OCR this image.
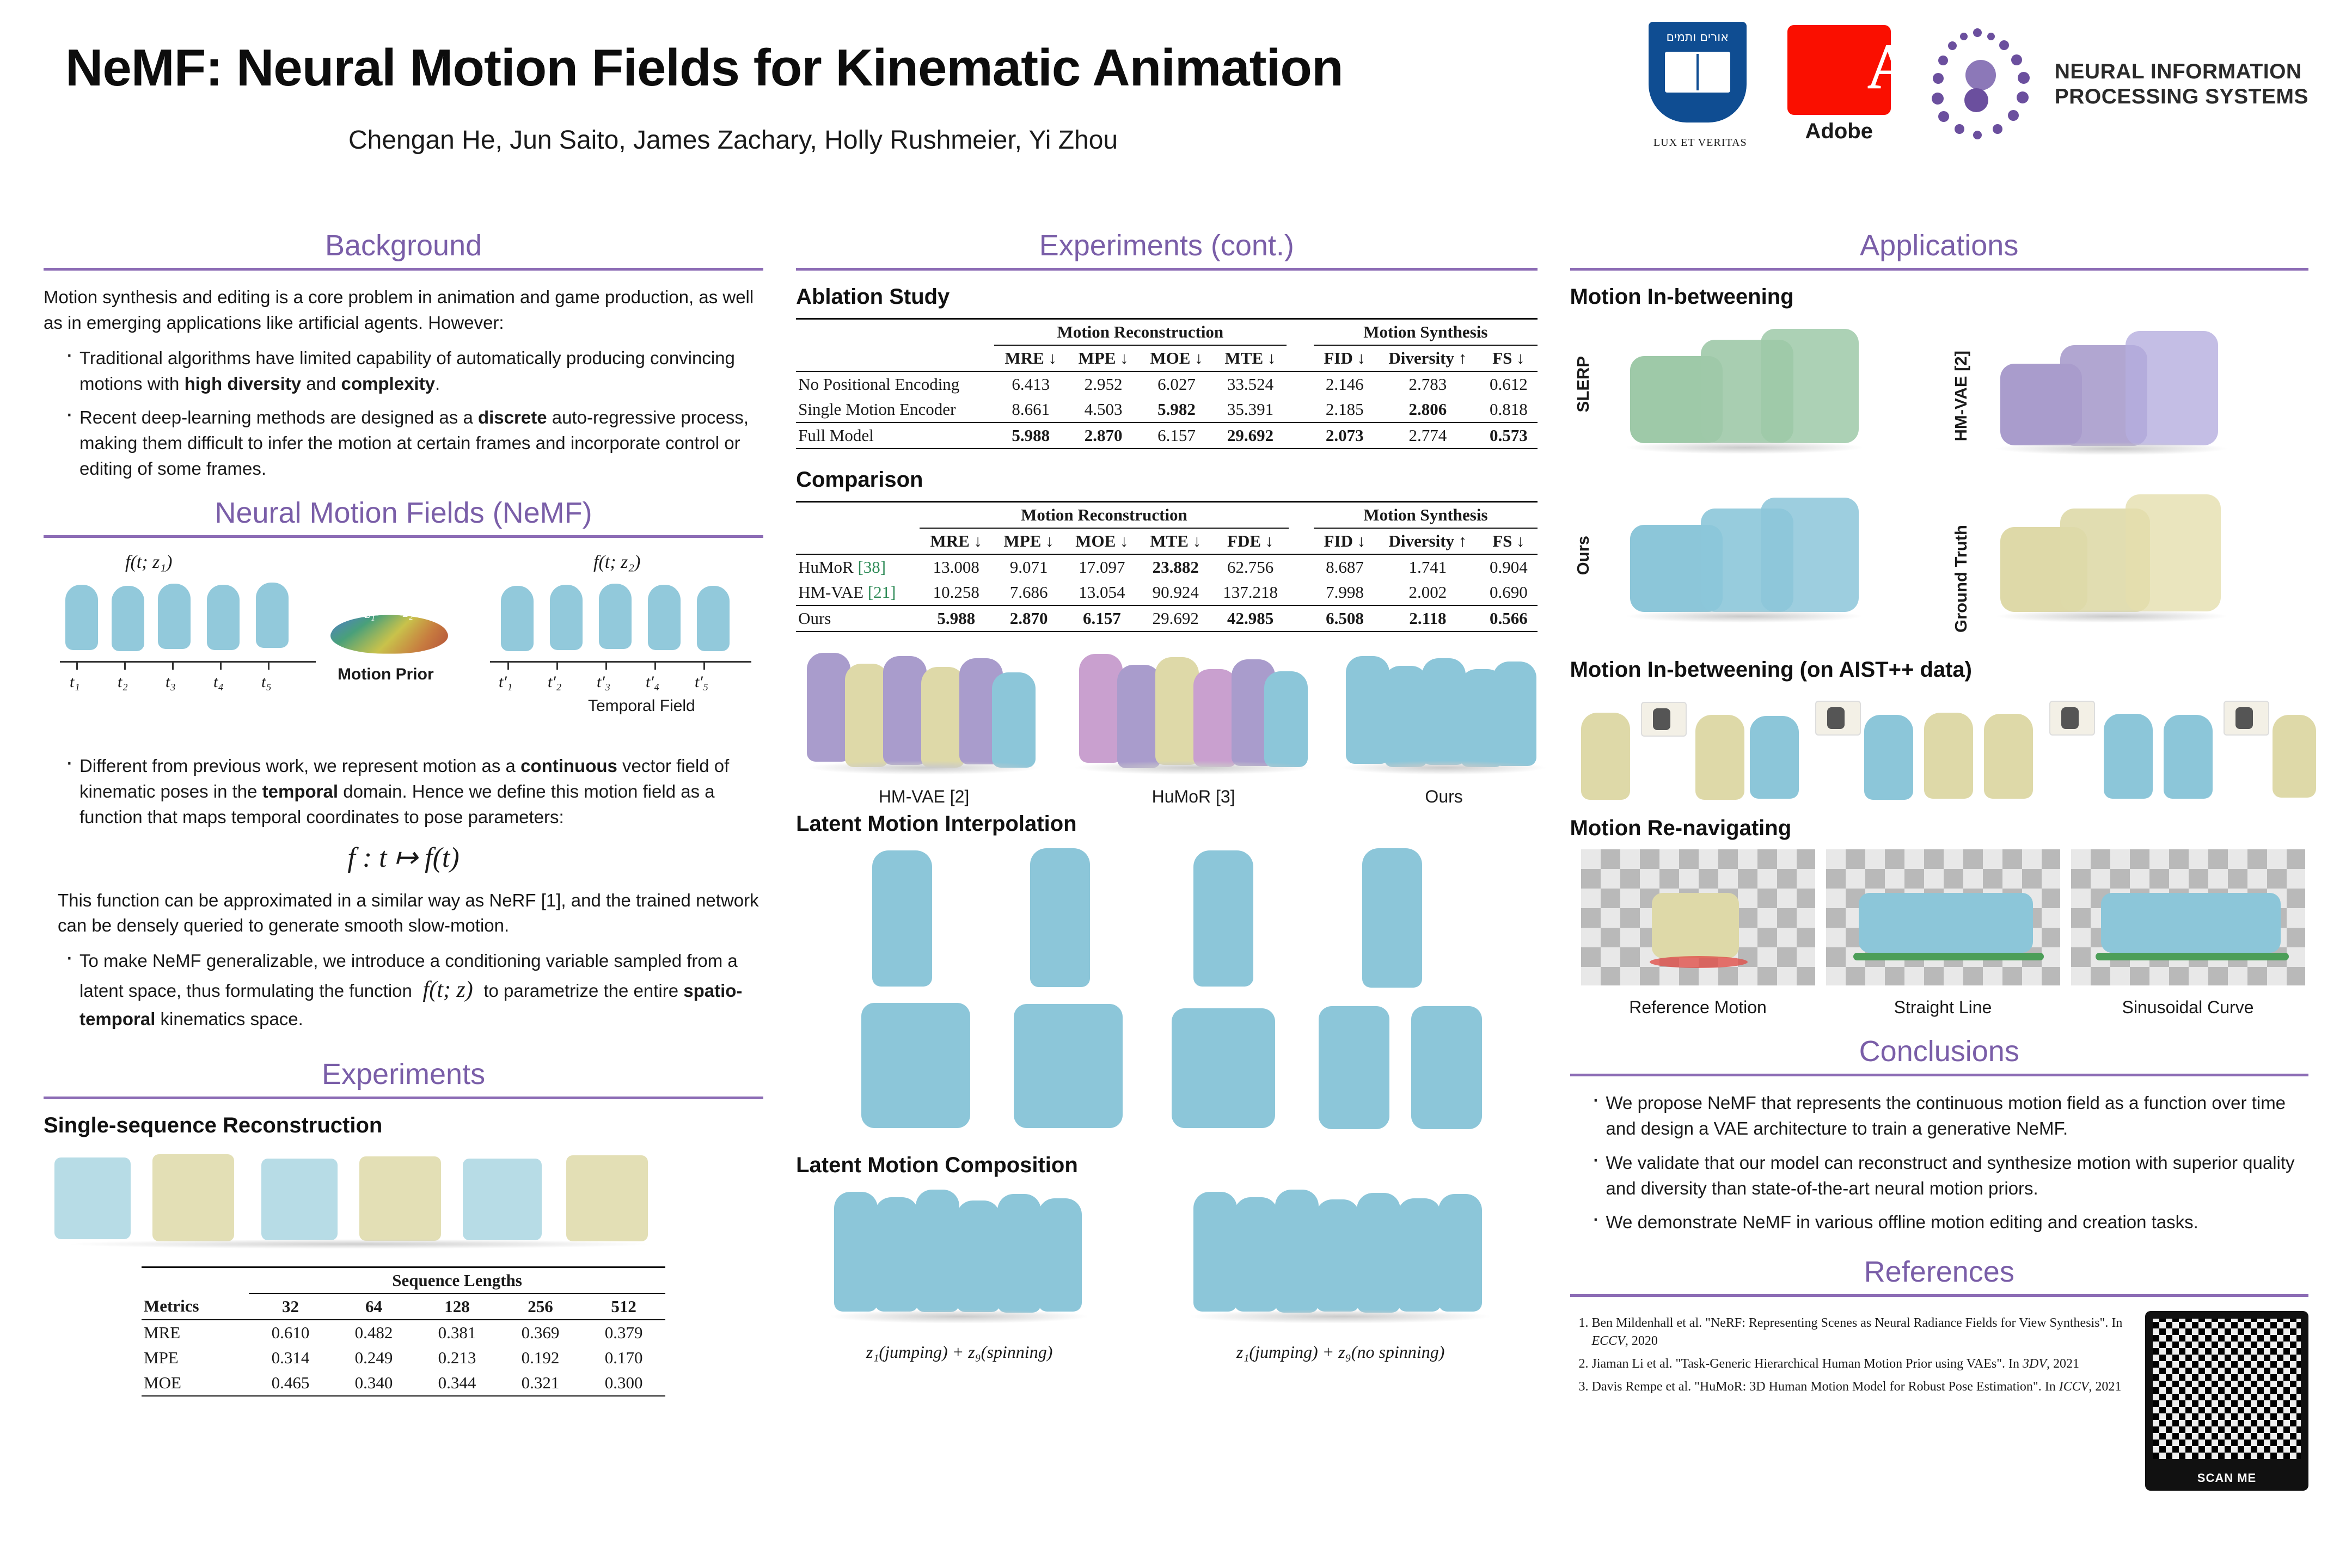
NeMF: Neural Motion Fields for Kinematic Animation
Chengan He, Jun Saito, James Zachary, Holly Rushmeier, Yi Zhou
אורים ותמים
LUX ET VERITAS
A	Adobe
NEURAL INFORMATION
PROCESSING SYSTEMS
Background

Motion synthesis and editing is a core problem in animation and game production, as well as in emerging applications like artificial agents. However:

· Traditional algorithms have limited capability of automatically producing convincing motions with high diversity and complexity.
· Recent deep-learning methods are designed as a discrete auto-regressive process, making them difficult to infer the motion at certain frames and incorporate control or editing of some frames.
Neural Motion Fields (NeMF)
f(t; z₁)	f(t; z₂)
t₁ t₂ t₃ t₄ t₅
z₁ z₂
Motion Prior	t′₁ t′₂ t′₃ t′₄ t′₅
Temporal Field
· Different from previous work, we represent motion as a continuous vector field of kinematic poses in the temporal domain. Hence we define this motion field as a function that maps temporal coordinates to pose parameters:
f : t ↦ f(t)

This function can be approximated in a similar way as NeRF [1], and the trained network can be densely queried to generate smooth slow-motion.

· To make NeMF generalizable, we introduce a conditioning variable sampled from a latent space, thus formulating the function  f(t; z)  to parametrize the entire spatio-temporal kinematics space.
Experiments
Single-sequence Reconstruction
	Sequence Lengths				
Metrics	32	64	128	256	512
MRE	0.610	0.482	0.381	0.369	0.379
MPE	0.314	0.249	0.213	0.192	0.170
MOE	0.465	0.340	0.344	0.321	0.300
Experiments (cont.)
Ablation Study
	Motion Reconstruction					Motion Synthesis		
	MRE ↓	MPE ↓	MOE ↓	MTE ↓		FID ↓	Diversity ↑	FS ↓
No Positional Encoding	6.413	2.952	6.027	33.524		2.146	2.783	0.612
Single Motion Encoder	8.661	4.503	5.982	35.391		2.185	2.806	0.818
Full Model	5.988	2.870	6.157	29.692		2.073	2.774	0.573
Comparison
	Motion Reconstruction						Motion Synthesis		
	MRE ↓	MPE ↓	MOE ↓	MTE ↓	FDE ↓		FID ↓	Diversity ↑	FS ↓
HuMoR [38]	13.008	9.071	17.097	23.882	62.756		8.687	1.741	0.904
HM-VAE [21]	10.258	7.686	13.054	90.924	137.218		7.998	2.002	0.690
Ours	5.988	2.870	6.157	29.692	42.985		6.508	2.118	0.566
HM-VAE [2]	HuMoR [3]	Ours
Latent Motion Interpolation
Latent Motion Composition
z₁(jumping) + z₉(spinning)	z₁(jumping) + z₉(no spinning)
Applications
Motion In-betweening
SLERP
Ours
HM-VAE [2]
Ground Truth
Motion In-betweening (on AIST++ data)
Motion Re-navigating
Reference Motion	Straight Line	Sinusoidal Curve
Conclusions
· We propose NeMF that represents the continuous motion field as a function over time and design a VAE architecture to train a generative NeMF.
· We validate that our model can reconstruct and synthesize motion with superior quality and diversity than state-of-the-art neural motion priors.
· We demonstrate NeMF in various offline motion editing and creation tasks.
References
1. Ben Mildenhall et al. "NeRF: Representing Scenes as Neural Radiance Fields for View Synthesis". In ECCV, 2020
2. Jiaman Li et al. "Task-Generic Hierarchical Human Motion Prior using VAEs". In 3DV, 2021
3. Davis Rempe et al. "HuMoR: 3D Human Motion Model for Robust Pose Estimation". In ICCV, 2021
SCAN ME
